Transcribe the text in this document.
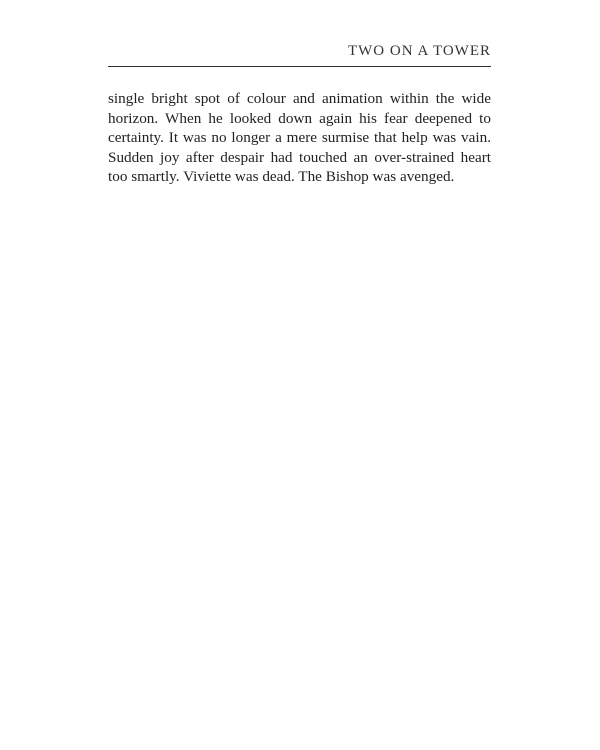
TWO ON A TOWER

single bright spot of colour and animation within the wide
horizon. When he looked down again his fear deepened to
certainty. It was no longer a mere surmise that help was vain.
Sudden joy after despair had touched an over-strained heart
too smartly. Viviette was dead. The Bishop was avenged.
